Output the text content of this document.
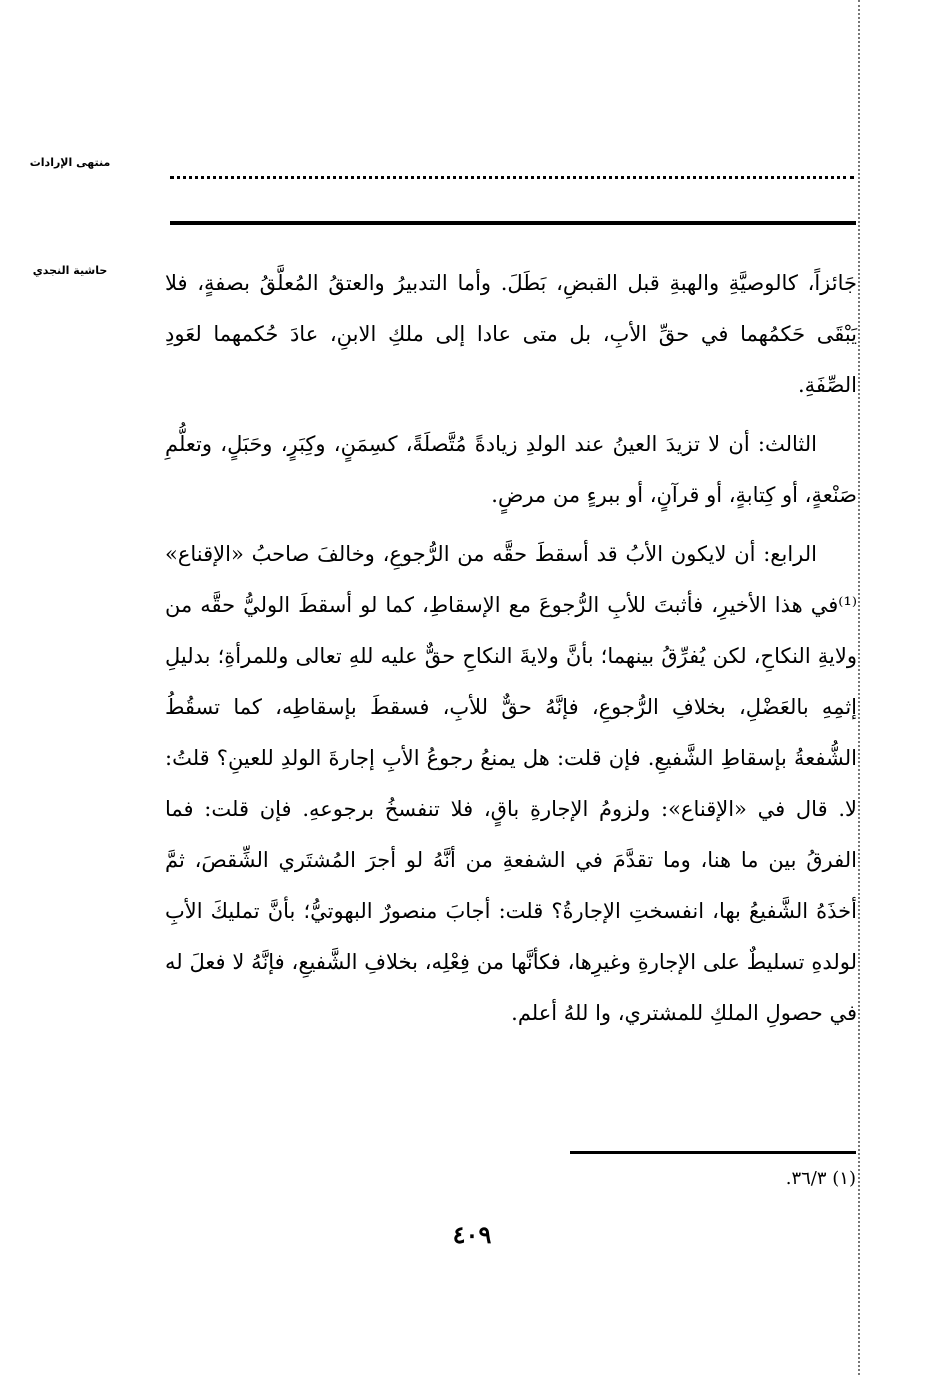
منتهى الإرادات
حاشية النجدي

جَائزاً، كالوصيَّةِ والهبةِ قبل القبضِ، بَطَلَ. وأما التدبيرُ والعتقُ المُعلَّقُ بصفةٍ، فلا يَبْقَى حَكمُهما في حقِّ الأبِ، بل متى عادا إلى ملكِ الابنِ، عادَ حُكمهما لعَودِ الصِّفَةِ.

الثالث: أن لا تزيدَ العينُ عند الولدِ زيادةً مُتَّصلَةً، كسِمَنٍ، وكِبَرٍ، وحَبَلٍ، وتعلُّمِ صَنْعةٍ، أو كِتابةٍ، أو قرآنٍ، أو ببرءٍ من مرضٍ.

الرابع: أن لايكون الأبُ قد أسقطَ حقَّه من الرُّجوعِ، وخالفَ صاحبُ «الإقناع» ⁽¹⁾في هذا الأخيرِ، فأثبتَ للأبِ الرُّجوعَ مع الإسقاطِ، كما لو أسقطَ الوليُّ حقَّه من ولايةِ النكاحِ، لكن يُفرِّقُ بينهما؛ بأنَّ ولايةَ النكاحِ حقٌّ عليه للهِ تعالى وللمرأةِ؛ بدليلِ إثمِهِ بالعَضْلِ، بخلافِ الرُّجوعِ، فإنَّهُ حقٌّ للأبِ، فسقطَ بإسقاطِه، كما تسقُطُ الشُّفعةُ بإسقاطِ الشَّفيعِ. فإن قلت: هل يمنعُ رجوعُ الأبِ إجارةَ الولدِ للعينِ؟ قلتُ: لا. قال في «الإقناع»: ولزومُ الإجارةِ باقٍ، فلا تنفسخُ برجوعهِ. فإن قلت: فما الفرقُ بين ما هنا، وما تقدَّمَ في الشفعةِ من أنَّهُ لو أجرَ المُشتَري الشِّقصَ، ثمَّ أخذَهُ الشَّفيعُ بها، انفسختِ الإجارةُ؟ قلت: أجابَ منصورٌ البهوتيُّ؛ بأنَّ تمليكَ الأبِ لولدهِ تسليطٌ على الإجارةِ وغيرِها، فكأنَّها من فِعْلِه، بخلافِ الشَّفيعِ، فإنَّهُ لا فعلَ له في حصولِ الملكِ للمشتري، وا للهُ أعلم.

(١) ٣٦/٣.
٤٠٩
